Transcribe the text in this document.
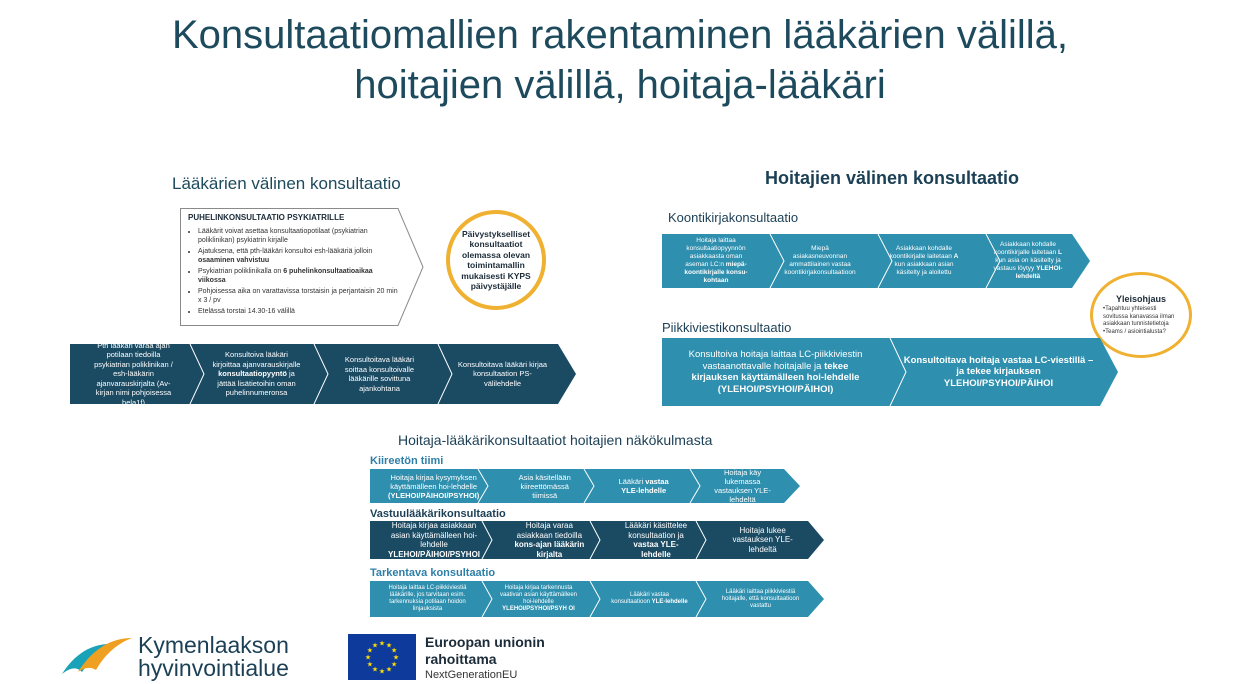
Konsultaatiomallien rakentaminen lääkärien välillä,
hoitajien välillä, hoitaja-lääkäri
Lääkärien välinen konsultaatio
PUHELINKONSULTAATIO PSYKIATRILLE
• Lääkärit voivat asettaa konsultaatiopotilaat (psykiatrian poliklinikan) psykiatrin kirjalle
• Ajatuksena, että pth-lääkäri konsultoi esh-lääkäriä jolloin osaaminen vahvistuu
• Psykiatrian poliklinikalla on 6 puhelinkonsultaatioaikaa viikossa
• Pohjoisessa aika on varattavissa torstaisin ja perjantaisin 20 min x 3 / pv
• Etelässä torstai 14.30-16 välillä
Päivystykselliset konsultaatiot olemassa olevan toimintamallin mukaisesti KYPS päivystäjälle
Pth lääkäri varaa ajan potilaan tiedoilla psykiatrian poliklinikan / esh-lääkärin ajanvarauskirjalta (Av-kirjan nimi pohjoisessa hela1f)
Konsultoiva lääkäri kirjoittaa ajanvarauskirjalle konsultaatiopyyntö ja jättää lisätietoihin oman puhelinnumeronsa
Konsultoitava lääkäri soittaa konsultoivalle lääkärille sovittuna ajankohtana
Konsultoitava lääkäri kirjaa konsultaation PS-välilehdelle
Hoitajien välinen konsultaatio
Koontikirjakonsultaatio
Hoitaja laittaa konsultaatiopyynnön asiakkaasta oman aseman LC:n miepä-koontikirjalle konsu-kohtaan
Miepä asiakasneuvonnan ammattilainen vastaa koontikirjakonsultaatioon
Asiakkaan kohdalle koontikirjalle laitetaan A kun asiakkaan asian käsitelty ja aloitettu
Asiakkaan kohdalle koontikirjalle laitetaan L kun asia on käsitelty ja vastaus löytyy YLEHOI-lehdeltä
Yleisohjaus
•Tapahtuu yhteisesti sovitussa kanavassa ilman asiakkaan tunnistetietoja
•Teams / asiointialusta?
Piikkiviestikonsultaatio
Konsultoiva hoitaja laittaa LC-piikkiviestin vastaanottavalle hoitajalle ja tekee kirjauksen käyttämälleen hoi-lehdelle (YLEHOI/PSYHOI/PÄIHOI)
Konsultoitava hoitaja vastaa LC-viestillä – ja tekee kirjauksen YLEHOI/PSYHOI/PÄIHOI
Hoitaja-lääkärikonsultaatiot hoitajien näkökulmasta
Kiireetön tiimi
Hoitaja kirjaa kysymyksen käyttämälleen hoi-lehdelle (YLEHOI/PÄIHOI/PSYHOI)
Asia käsitellään kiireettömässä tiimissä
Lääkäri vastaa YLE-lehdelle
Hoitaja käy lukemassa vastauksen YLE-lehdeltä
Vastuulääkärikonsultaatio
Hoitaja kirjaa asiakkaan asian käyttämälleen hoi-lehdelle YLEHOI/PÄIHOI/PSYHOI
Hoitaja varaa asiakkaan tiedoilla kons-ajan lääkärin kirjalta
Lääkäri käsittelee konsultaation ja vastaa YLE-lehdelle
Hoitaja lukee vastauksen YLE-lehdeltä
Tarkentava konsultaatio
Hoitaja laittaa LC-piikkiviestiä lääkärille, jos tarvitaan esim. tarkennuksia potilaan hoidon linjauksista
Hoitaja kirjaa tarkennusta vaativan asian käyttämälleen hoi-lehdelle YLEHOI/PSYHOI/PSYH OI
Lääkäri vastaa konsultaatioon YLE-lehdelle
Lääkäri laittaa piikkiviestiä hoitajalle, että konsultaatioon vastattu
Kymenlaakson
hyvinvointialue	★
★
★
★
★
★
★
★
★ ★ ★
★
Euroopan unionin
rahoittama
NextGenerationEU
